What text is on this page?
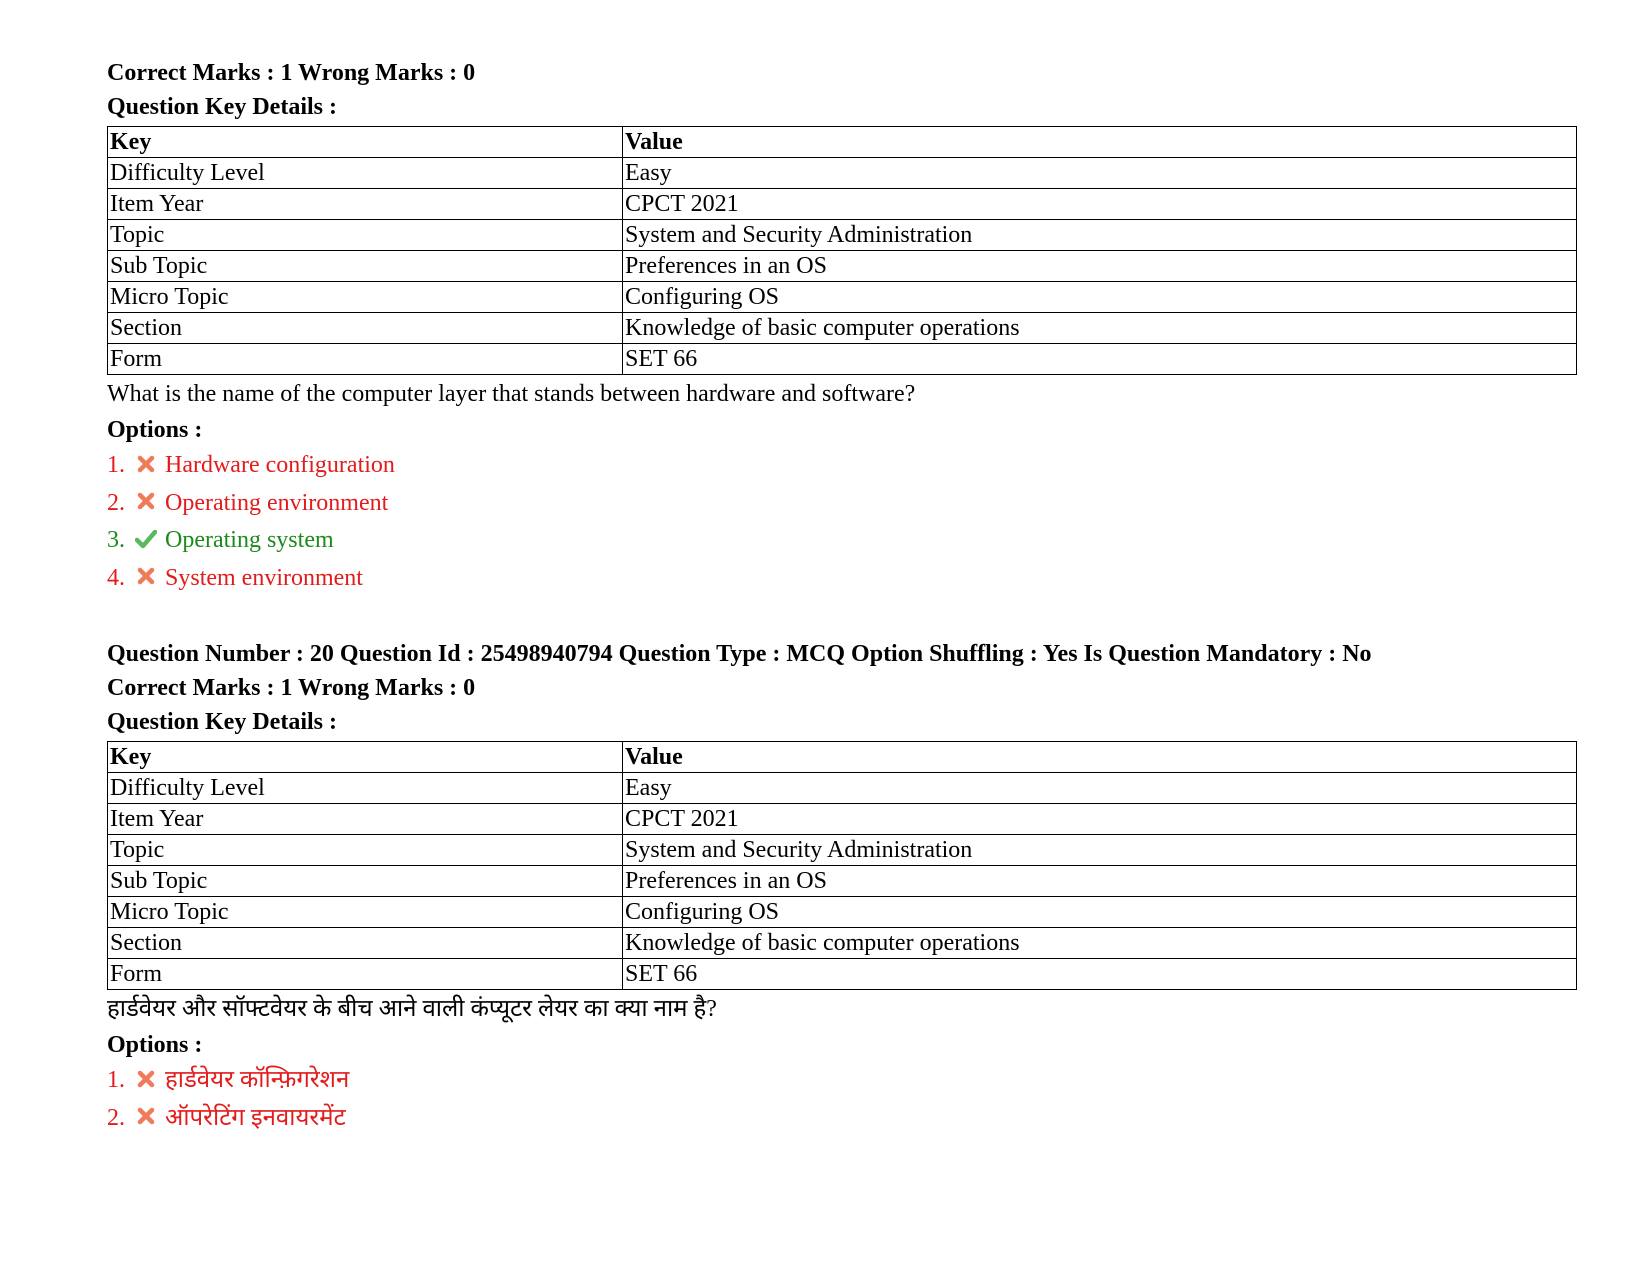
Correct Marks : 1 Wrong Marks : 0
Question Key Details :
Key	Value
Difficulty Level	Easy
Item Year	CPCT 2021
Topic	System and Security Administration
Sub Topic	Preferences in an OS
Micro Topic	Configuring OS
Section	Knowledge of basic computer operations
Form	SET 66
What is the name of the computer layer that stands between hardware and software?
Options :
1.	Hardware configuration
2.	Operating environment
3.	Operating system
4.	System environment
Question Number : 20 Question Id : 25498940794 Question Type : MCQ Option Shuffling : Yes Is Question Mandatory : No
Correct Marks : 1 Wrong Marks : 0
Question Key Details :
Key	Value
Difficulty Level	Easy
Item Year	CPCT 2021
Topic	System and Security Administration
Sub Topic	Preferences in an OS
Micro Topic	Configuring OS
Section	Knowledge of basic computer operations
Form	SET 66
हार्डवेयर और सॉफ्टवेयर के बीच आने वाली कंप्यूटर लेयर का क्या नाम है?
Options :
1.	हार्डवेयर कॉन्फ़िगरेशन
2.	ऑपरेटिंग इनवायरमेंट
